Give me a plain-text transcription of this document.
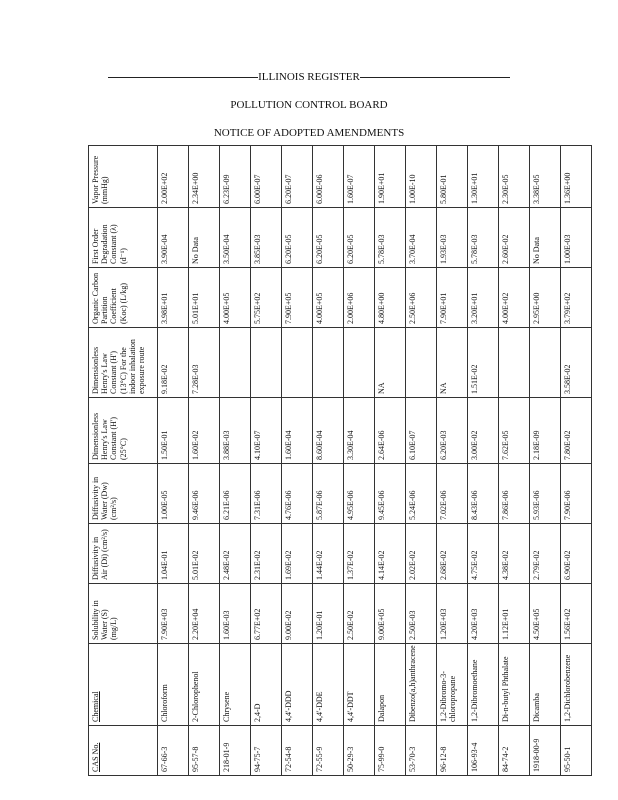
ILLINOIS REGISTER
POLLUTION CONTROL BOARD
NOTICE OF ADOPTED AMENDMENTS
CAS No.	Chemical	Solubility in Water (S) (mg/L)	Diffusivity in Air (Di) (cm²/s)	Diffusivity in Water (Dw) (cm²/s)	Dimensionless Henry's Law Constant (H') (25°C)	Dimensionless Henry's Law Constant (H') (13°C) For the indoor inhalation exposure route	Organic Carbon Partition Coefficient (Koc) (L/kg)	First Order Degradation Constant (λ) (d⁻¹)	Vapor Pressure (mmHg)
67-66-3	Chloroform	7.90E+03	1.04E-01	1.00E-05	1.50E-01	9.18E-02	3.98E+01	3.90E-04	2.00E+02
95-57-8	2-Chlorophenol	2.20E+04	5.01E-02	9.46E-06	1.60E-02	7.28E-03	5.01E+01	No Data	2.34E+00
218-01-9	Chrysene	1.60E-03	2.48E-02	6.21E-06	3.88E-03		4.00E+05	3.50E-04	6.23E-09
94-75-7	2,4-D	6.77E+02	2.31E-02	7.31E-06	4.10E-07		5.75E+02	3.85E-03	6.00E-07
72-54-8	4,4'-DDD	9.00E-02	1.69E-02	4.76E-06	1.60E-04		7.90E+05	6.20E-05	6.20E-07
72-55-9	4,4'-DDE	1.20E-01	1.44E-02	5.87E-06	8.60E-04		4.00E+05	6.20E-05	6.00E-06
50-29-3	4,4'-DDT	2.50E-02	1.37E-02	4.95E-06	3.30E-04		2.00E+06	6.20E-05	1.60E-07
75-99-0	Dalapon	9.00E+05	4.14E-02	9.45E-06	2.64E-06	NA	4.80E+00	5.78E-03	1.90E+01
53-70-3	Dibenzo(a,h)anthracene	2.50E-03	2.02E-02	5.24E-06	6.10E-07		2.50E+06	3.70E-04	1.00E-10
96-12-8	1,2-Dibromo-3-chloropropane	1.20E+03	2.68E-02	7.02E-06	6.20E-03	NA	7.90E+01	1.93E-03	5.80E-01
106-93-4	1,2-Dibromoethane	4.20E+03	4.75E-02	8.43E-06	3.00E-02	1.51E-02	3.20E+01	5.78E-03	1.30E+01
84-74-2	Di-n-butyl Phthalate	1.12E+01	4.38E-02	7.86E-06	7.62E-05		4.00E+02	2.60E-02	2.30E-05
1918-00-9	Dicamba	4.50E+05	2.79E-02	5.93E-06	2.18E-09		2.95E+00	No Data	3.38E-05
95-50-1	1,2-Dichlorobenzene	1.56E+02	6.90E-02	7.90E-06	7.80E-02	3.58E-02	3.79E+02	1.00E-03	1.36E+00
